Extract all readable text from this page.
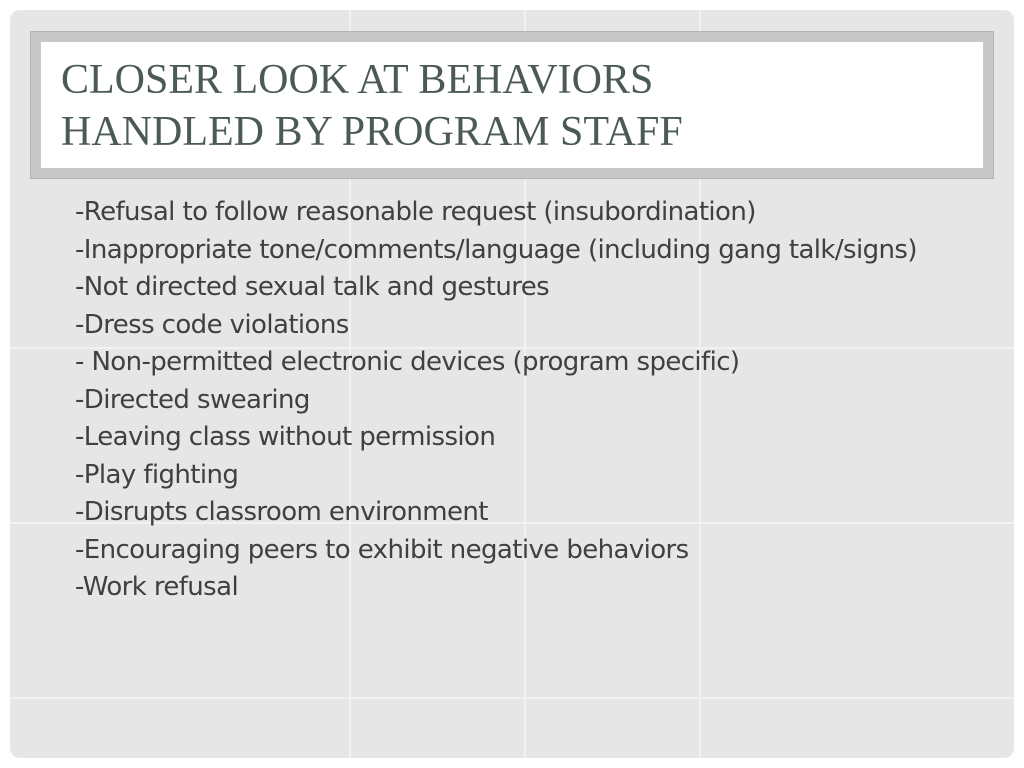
CLOSER LOOK AT BEHAVIORS
HANDLED BY PROGRAM STAFF
-Refusal to follow reasonable request (insubordination)
-Inappropriate tone/comments/language (including gang talk/signs)
-Not directed sexual talk and gestures
-Dress code violations
- Non-permitted electronic devices (program specific)
-Directed swearing
-Leaving class without permission
-Play fighting
-Disrupts classroom environment
-Encouraging peers to exhibit negative behaviors
-Work refusal
